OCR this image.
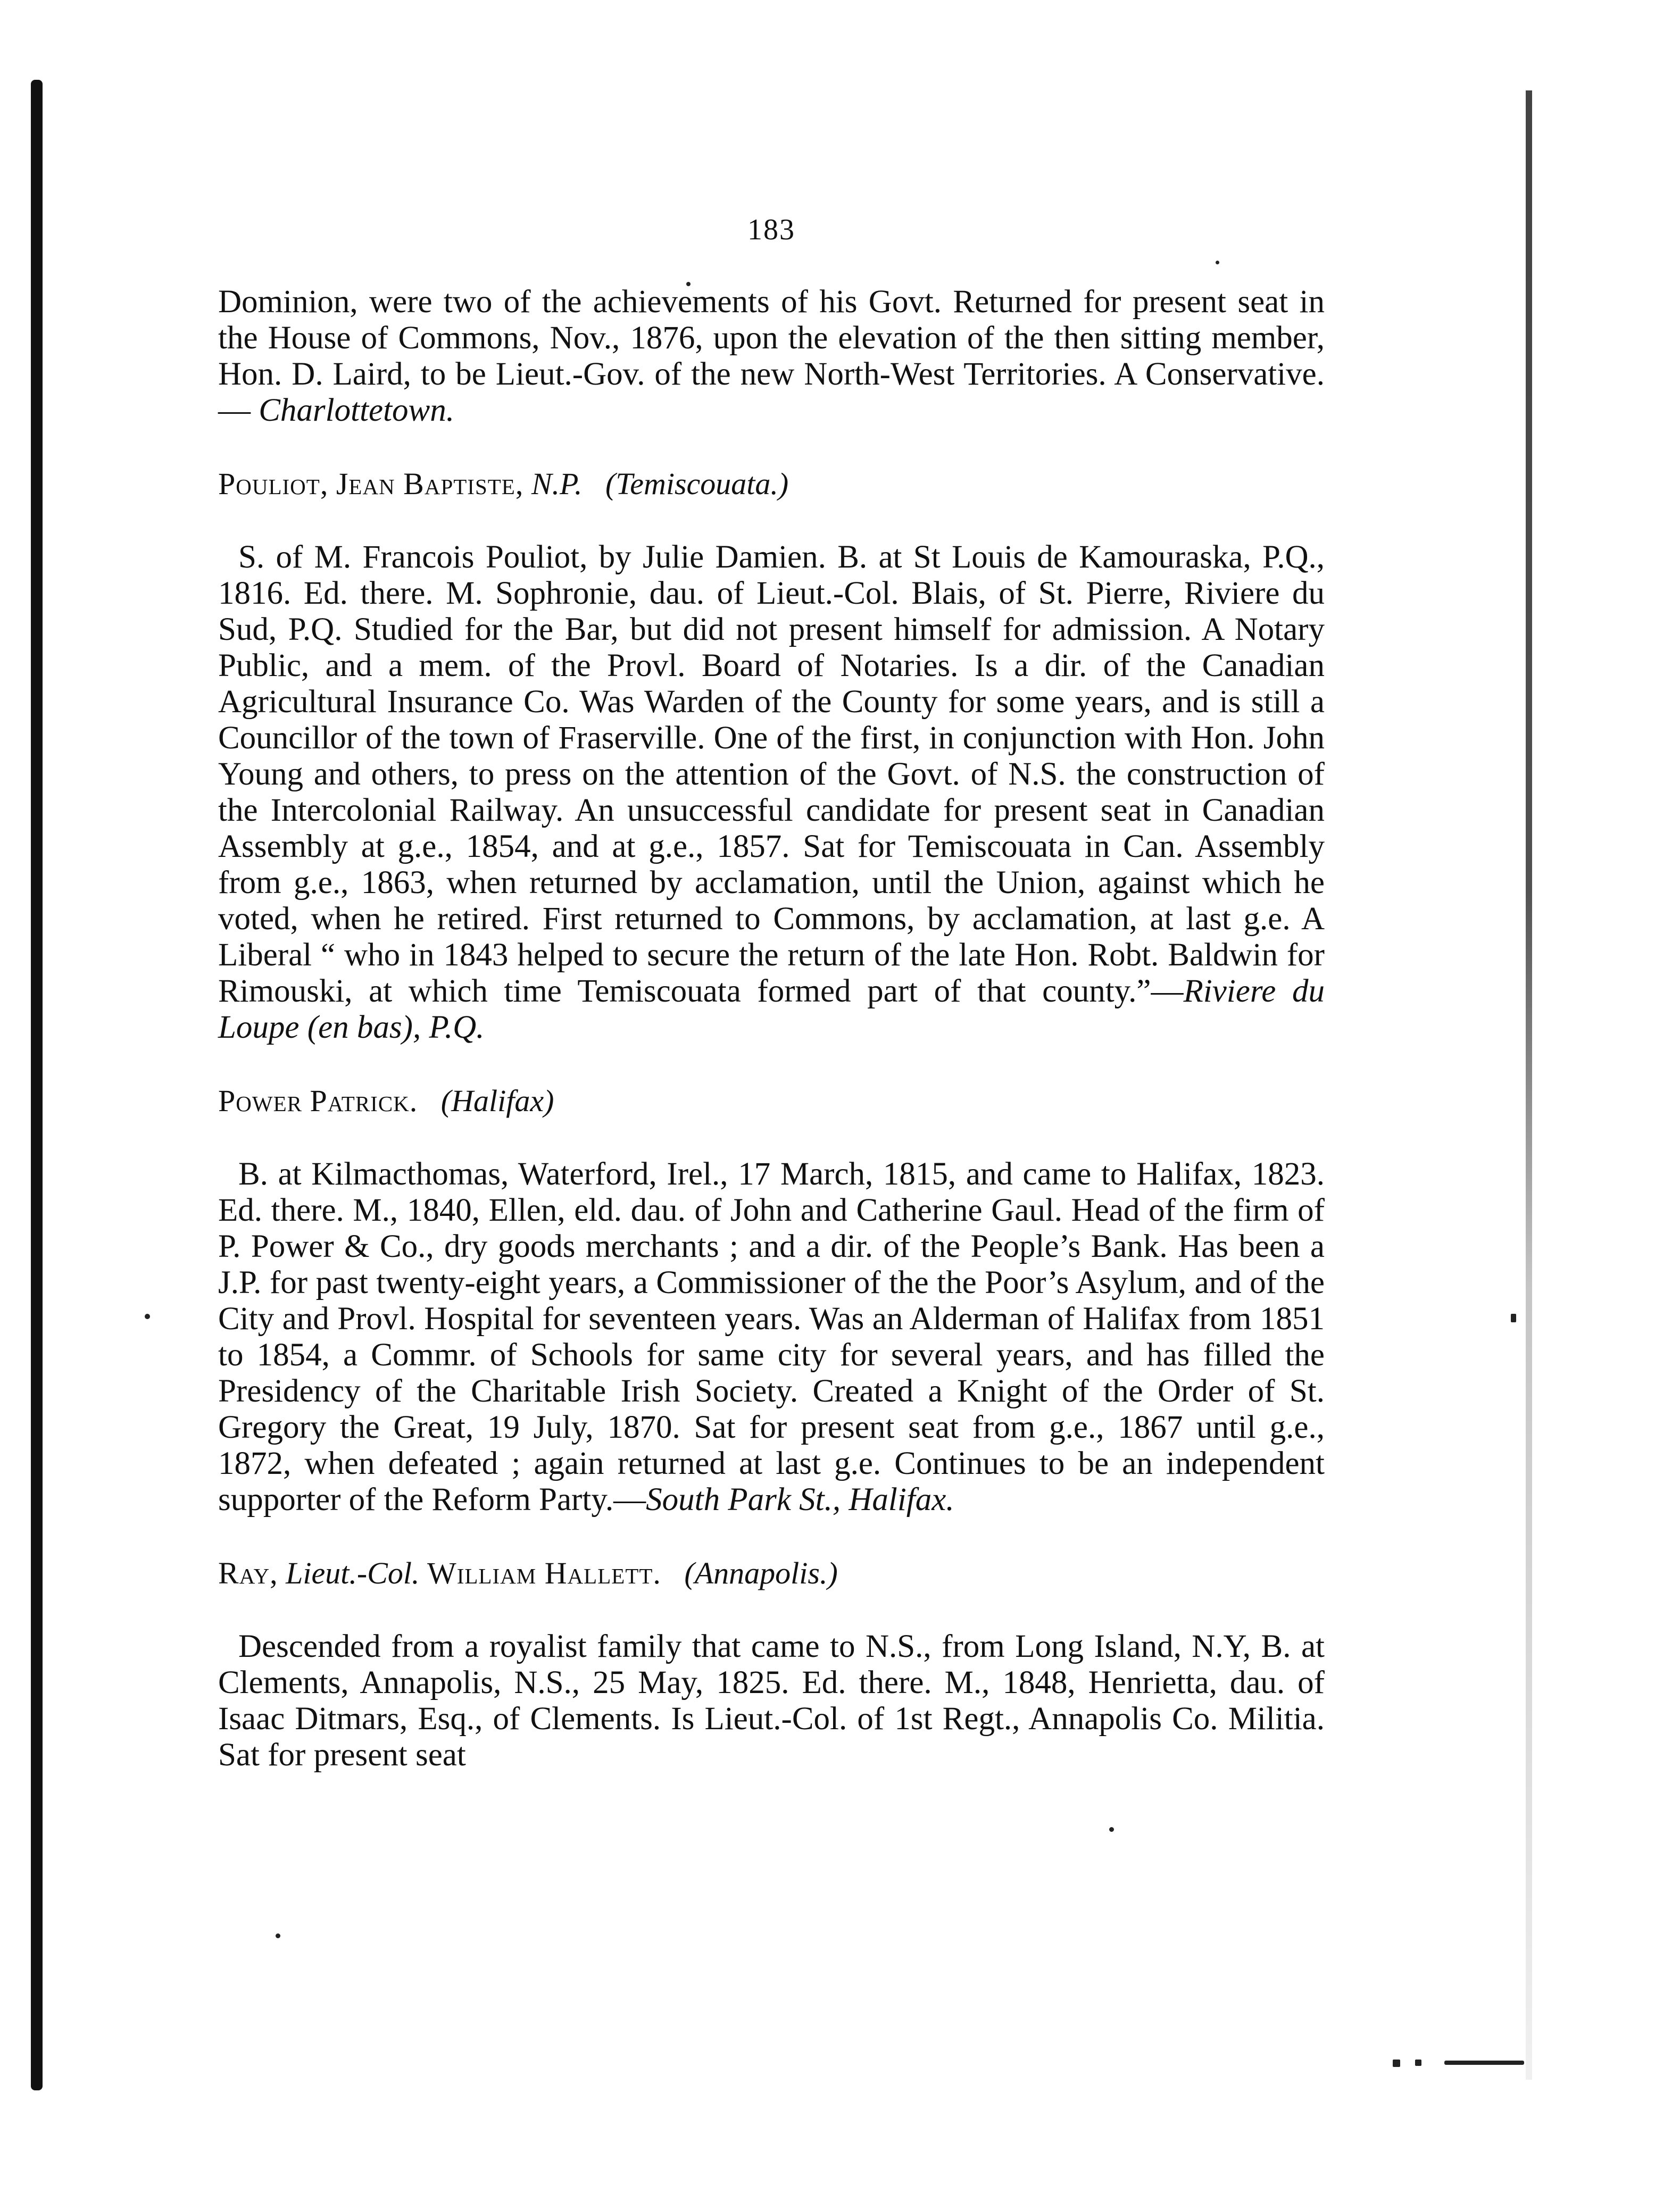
183

Dominion, were two of the achievements of his Govt. Returned for present seat in the House of Commons, Nov., 1876, upon the elevation of the then sitting member, Hon. D. Laird, to be Lieut.-Gov. of the new North-West Territories. A Conservative.— Charlottetown.

Pouliot, Jean Baptiste, N.P. (Temiscouata.)

S. of M. Francois Pouliot, by Julie Damien. B. at St Louis de Kamouraska, P.Q., 1816. Ed. there. M. Sophronie, dau. of Lieut.-Col. Blais, of St. Pierre, Riviere du Sud, P.Q. Studied for the Bar, but did not present himself for admission. A Notary Public, and a mem. of the Provl. Board of Notaries. Is a dir. of the Canadian Agricultural Insurance Co. Was Warden of the County for some years, and is still a Councillor of the town of Fraserville. One of the first, in conjunction with Hon. John Young and others, to press on the attention of the Govt. of N.S. the construction of the Intercolonial Railway. An unsuccessful candidate for present seat in Canadian Assembly at g.e., 1854, and at g.e., 1857. Sat for Temiscouata in Can. Assembly from g.e., 1863, when returned by acclamation, until the Union, against which he voted, when he retired. First returned to Commons, by acclamation, at last g.e. A Liberal “ who in 1843 helped to secure the return of the late Hon. Robt. Baldwin for Rimouski, at which time Temiscouata formed part of that county.”—Riviere du Loupe (en bas), P.Q.

Power Patrick. (Halifax)

B. at Kilmacthomas, Waterford, Irel., 17 March, 1815, and came to Halifax, 1823. Ed. there. M., 1840, Ellen, eld. dau. of John and Catherine Gaul. Head of the firm of P. Power & Co., dry goods merchants ; and a dir. of the People’s Bank. Has been a J.P. for past twenty-eight years, a Commissioner of the the Poor’s Asylum, and of the City and Provl. Hospital for seventeen years. Was an Alderman of Halifax from 1851 to 1854, a Commr. of Schools for same city for several years, and has filled the Presidency of the Charitable Irish Society. Created a Knight of the Order of St. Gregory the Great, 19 July, 1870. Sat for present seat from g.e., 1867 until g.e., 1872, when defeated ; again returned at last g.e. Continues to be an independent supporter of the Reform Party.—South Park St., Halifax.

Ray, Lieut.-Col. William Hallett. (Annapolis.)

Descended from a royalist family that came to N.S., from Long Island, N.Y, B. at Clements, Annapolis, N.S., 25 May, 1825. Ed. there. M., 1848, Henrietta, dau. of Isaac Ditmars, Esq., of Clements. Is Lieut.-Col. of 1st Regt., Annapolis Co. Militia. Sat for present seat
